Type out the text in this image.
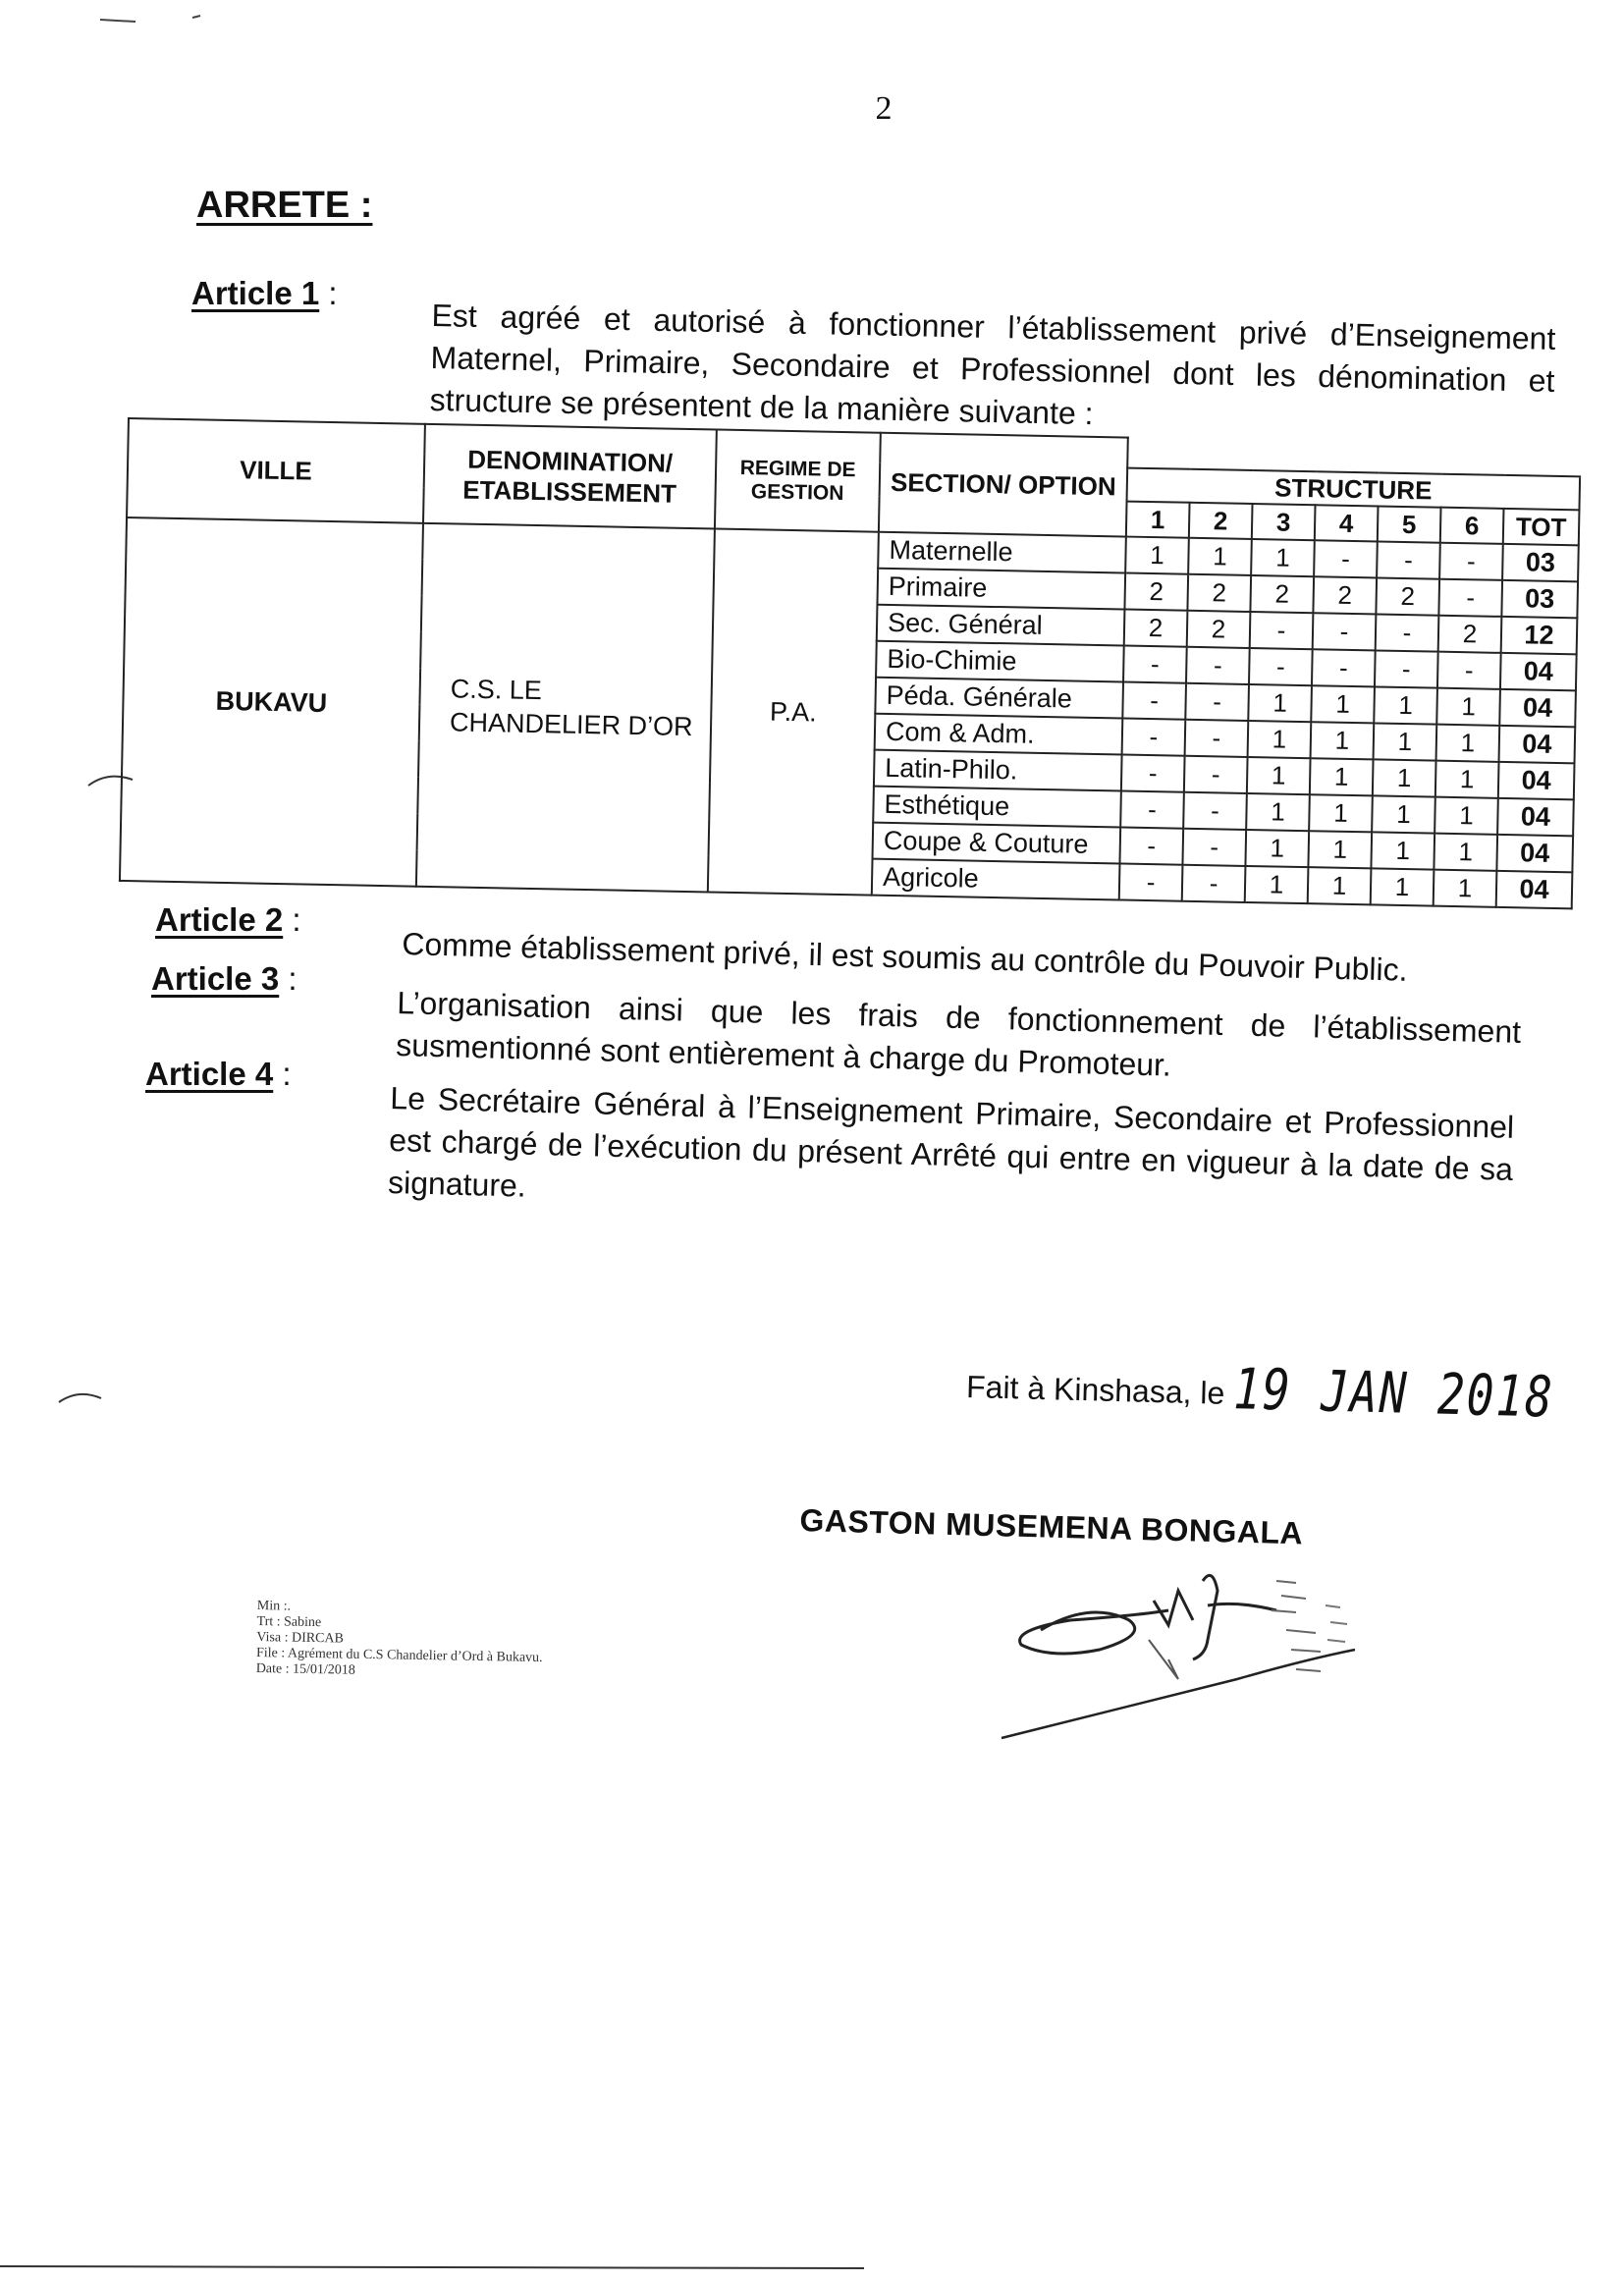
2
ARRETE :
Article 1 :
Est agréé et autorisé à fonctionner l’établissement privé d’Enseignement Maternel, Primaire, Secondaire et Professionnel dont les dénomination et structure se présentent de la manière suivante :
VILLE	DENOMINATION/ ETABLISSEMENT	REGIME DE GESTION	SECTION/ OPTION							
				STRUCTURE						
				1	2	3	4	5	6	TOT
BUKAVU	C.S. LE CHANDELIER D’OR	P.A.	Maternelle	1	1	1	-	-	-	03
			Primaire	2	2	2	2	2	-	03
			Sec. Général	2	2	-	-	-	2	12
			Bio-Chimie	-	-	-	-	-	-	04
			Péda. Générale	-	-	1	1	1	1	04
			Com & Adm.	-	-	1	1	1	1	04
			Latin-Philo.	-	-	1	1	1	1	04
			Esthétique	-	-	1	1	1	1	04
			Coupe & Couture	-	-	1	1	1	1	04
			Agricole	-	-	1	1	1	1	04
Article 2 :
Comme établissement privé, il est soumis au contrôle du Pouvoir Public.
Article 3 :
L’organisation ainsi que les frais de fonctionnement de l’établissement susmentionné sont entièrement à charge du Promoteur.
Article 4 :
Le Secrétaire Général à l’Enseignement Primaire, Secondaire et Professionnel est chargé de l’exécution du présent Arrêté qui entre en vigueur à la date de sa signature.
Fait à Kinshasa, le 19 JAN 2018
GASTON MUSEMENA BONGALA
Min :.
Trt : Sabine
Visa : DIRCAB
File : Agrément du C.S Chandelier d’Ord à Bukavu.
Date : 15/01/2018
